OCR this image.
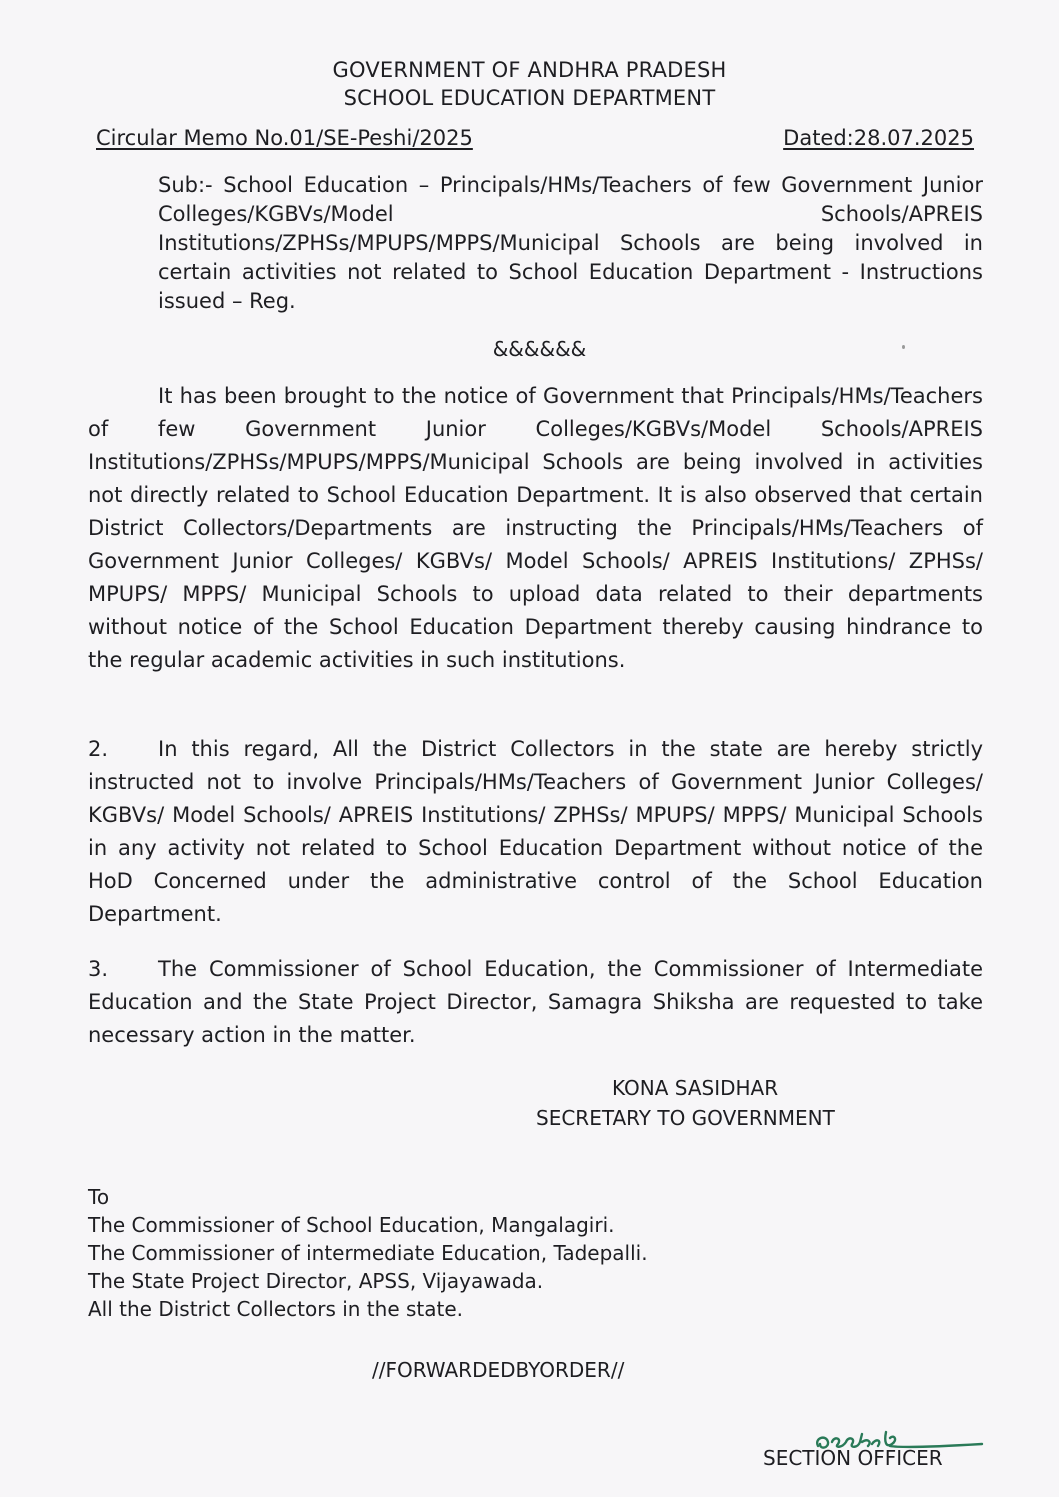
GOVERNMENT OF ANDHRA PRADESH
SCHOOL EDUCATION DEPARTMENT
Circular Memo No.01/SE-Peshi/2025	Dated:28.07.2025
Sub:- School Education – Principals/HMs/Teachers of few Government Junior Colleges/KGBVs/Model Schools/APREIS Institutions/ZPHSs/MPUPS/MPPS/Municipal Schools are being involved in certain activities not related to School Education Department - Instructions issued – Reg.
&&&&&&
It has been brought to the notice of Government that Principals/HMs/Teachers of few Government Junior Colleges/KGBVs/Model Schools/APREIS Institutions/ZPHSs/MPUPS/MPPS/Municipal Schools are being involved in activities not directly related to School Education Department. It is also observed that certain District Collectors/Departments are instructing the Principals/HMs/Teachers of Government Junior Colleges/ KGBVs/ Model Schools/ APREIS Institutions/ ZPHSs/ MPUPS/ MPPS/ Municipal Schools to upload data related to their departments without notice of the School Education Department thereby causing hindrance to the regular academic activities in such institutions.
2. In this regard, All the District Collectors in the state are hereby strictly instructed not to involve Principals/HMs/Teachers of Government Junior Colleges/ KGBVs/ Model Schools/ APREIS Institutions/ ZPHSs/ MPUPS/ MPPS/ Municipal Schools in any activity not related to School Education Department without notice of the HoD Concerned under the administrative control of the School Education Department.
3. The Commissioner of School Education, the Commissioner of Intermediate Education and the State Project Director, Samagra Shiksha are requested to take necessary action in the matter.
KONA SASIDHAR
SECRETARY TO GOVERNMENT
To
The Commissioner of School Education, Mangalagiri.
The Commissioner of intermediate Education, Tadepalli.
The State Project Director, APSS, Vijayawada.
All the District Collectors in the state.
//FORWARDEDBYORDER//
SECTION OFFICER
